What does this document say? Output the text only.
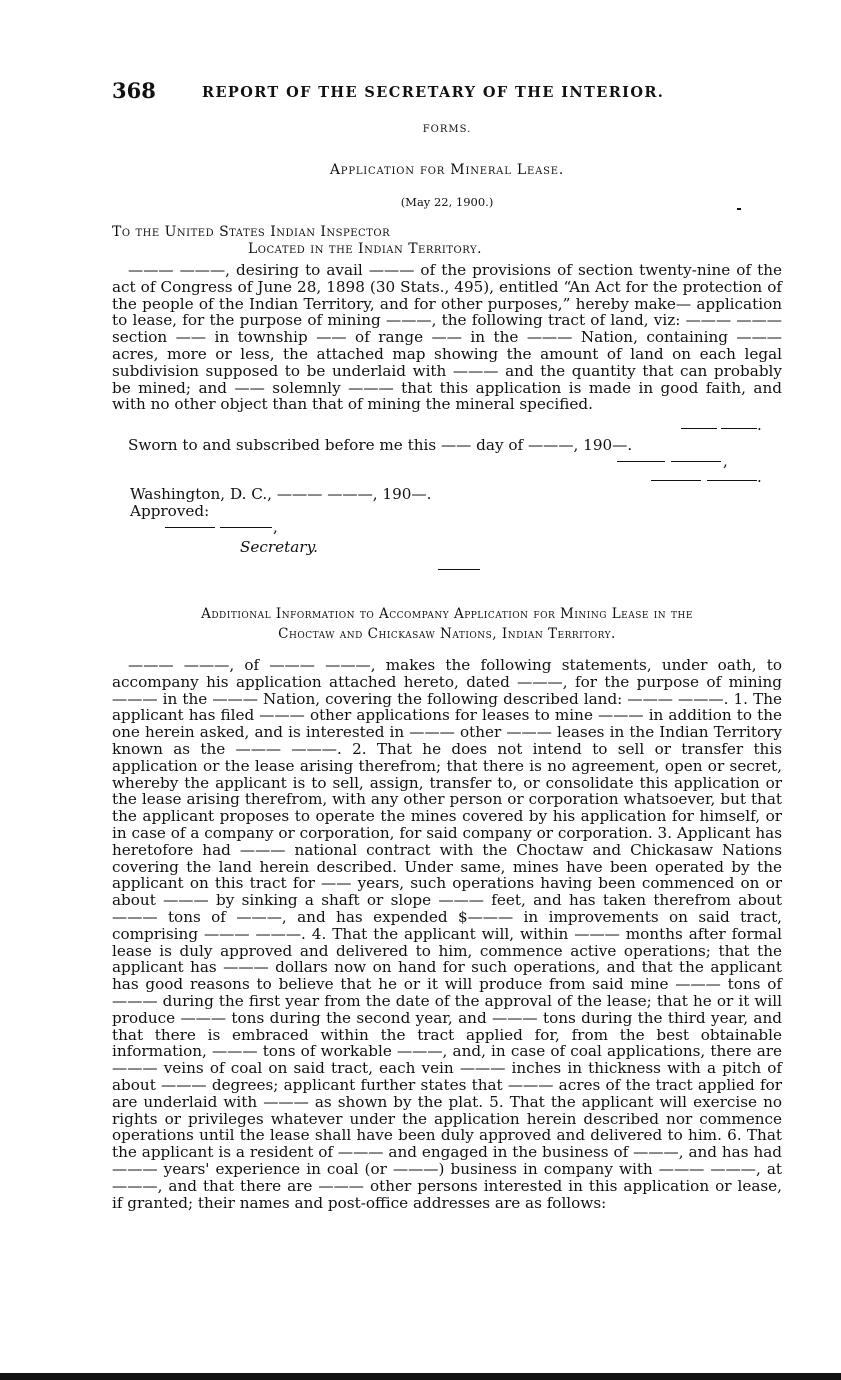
368	REPORT OF THE SECRETARY OF THE INTERIOR.
FORMS.
Application for Mineral Lease.
(May 22, 1900.)
To the United States Indian Inspector
Located in the Indian Territory.

——— ———, desiring to avail ——— of the provisions of section twenty-nine of the act of Congress of June 28, 1898 (30 Stats., 495), entitled “An Act for the protection of the people of the Indian Territory, and for other purposes,” hereby make— application to lease, for the purpose of mining ———, the following tract of land, viz: ——— ——— section —— in township —— of range —— in the ——— Nation, containing ——— acres, more or less, the attached map showing the amount of land on each legal subdivision supposed to be underlaid with ——— and the quantity that can probably be mined; and —— solemnly ——— that this application is made in good faith, and with no other object than that of mining the mineral specified.

.
Sworn to and subscribed before me this —— day of ———, 190—.
,
.
Washington, D. C., ——— ———, 190—.
Approved:
,
Secretary.
Additional Information to Accompany Application for Mining Lease in the
Choctaw and Chickasaw Nations, Indian Territory.

——— ———, of ——— ———, makes the following statements, under oath, to accompany his application attached hereto, dated ———, for the purpose of mining ——— in the ——— Nation, covering the following described land: ——— ———. 1. The applicant has filed ——— other applications for leases to mine ——— in addition to the one herein asked, and is interested in ——— other ——— leases in the Indian Territory known as the ——— ———. 2. That he does not intend to sell or transfer this application or the lease arising therefrom; that there is no agreement, open or secret, whereby the applicant is to sell, assign, transfer to, or consolidate this application or the lease arising therefrom, with any other person or corporation whatsoever, but that the applicant proposes to operate the mines covered by his application for himself, or in case of a company or corporation, for said company or corporation. 3. Applicant has heretofore had ——— national contract with the Choctaw and Chickasaw Nations covering the land herein described. Under same, mines have been operated by the applicant on this tract for —— years, such operations having been commenced on or about ——— by sinking a shaft or slope ——— feet, and has taken therefrom about ——— tons of ———, and has expended $——— in improvements on said tract, comprising ——— ———. 4. That the applicant will, within ——— months after formal lease is duly approved and delivered to him, commence active operations; that the applicant has ——— dollars now on hand for such operations, and that the applicant has good reasons to believe that he or it will produce from said mine ——— tons of ——— during the first year from the date of the approval of the lease; that he or it will produce ——— tons during the second year, and ——— tons during the third year, and that there is embraced within the tract applied for, from the best obtainable information, ——— tons of workable ———, and, in case of coal applications, there are ——— veins of coal on said tract, each vein ——— inches in thickness with a pitch of about ——— degrees; applicant further states that ——— acres of the tract applied for are underlaid with ——— as shown by the plat. 5. That the applicant will exercise no rights or privileges whatever under the application herein described nor commence operations until the lease shall have been duly approved and delivered to him. 6. That the applicant is a resident of ——— and engaged in the business of ———, and has had ——— years' experience in coal (or ———) business in company with ——— ———, at ———, and that there are ——— other persons interested in this application or lease, if granted; their names and post-office addresses are as follows:
